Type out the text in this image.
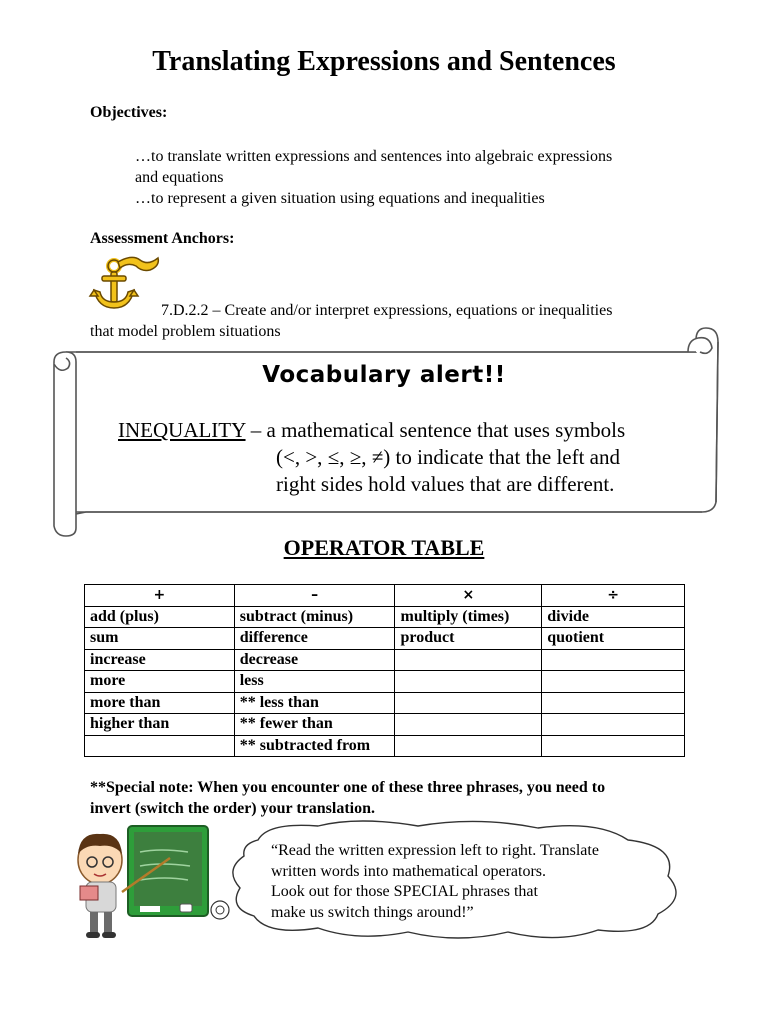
Translating Expressions and Sentences
Objectives:
…to translate written expressions and sentences into algebraic expressions
and equations
…to represent a given situation using equations and inequalities
Assessment Anchors:
7.D.2.2 – Create and/or interpret expressions, equations or inequalities
that model problem situations
Vocabulary alert!!
INEQUALITY – a mathematical sentence that uses symbols
(<, >, ≤, ≥, ≠) to indicate that the left and
right sides hold values that are different.
OPERATOR TABLE
+	–	×	÷
add (plus)	subtract (minus)	multiply (times)	divide
sum	difference	product	quotient
increase	decrease		
more	less		
more than	** less than		
higher than	** fewer than		
	** subtracted from		
**Special note: When you encounter one of these three phrases, you need to
invert (switch the order) your translation.
“Read the written expression left to right. Translate
written words into mathematical operators.
Look out for those SPECIAL phrases that
make us switch things around!”
